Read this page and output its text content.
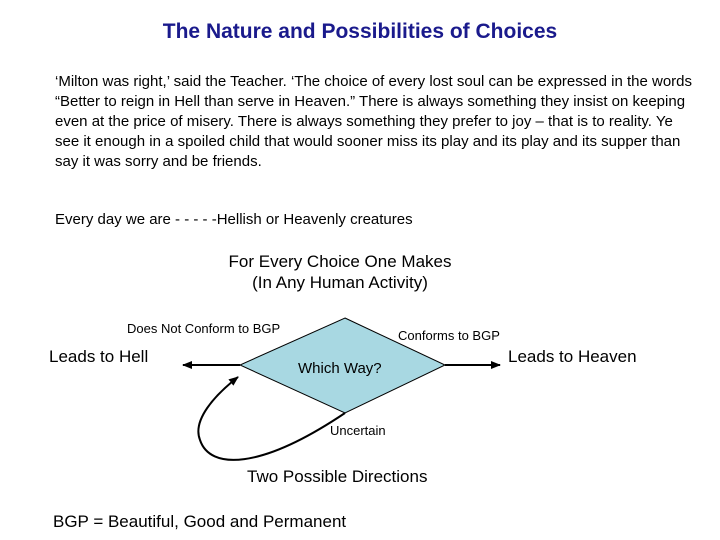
The Nature and Possibilities of Choices
‘Milton was right,’ said the Teacher. ‘The choice of every lost soul can be expressed in the words “Better to reign in Hell than serve in Heaven.” There is always something they insist on keeping even at the price of misery. There is always something they prefer to joy – that is to reality. Ye see it enough in a spoiled child that would sooner miss its play and its play and its supper than say it was sorry and be friends.
Every day we are - - - - -Hellish or Heavenly creatures
For Every Choice One Makes
(In Any Human Activity)
Does Not Conform to BGP	Conforms to BGP
Leads to Hell	Leads to Heaven
Which Way?
Uncertain
Two Possible Directions
BGP = Beautiful, Good and Permanent
